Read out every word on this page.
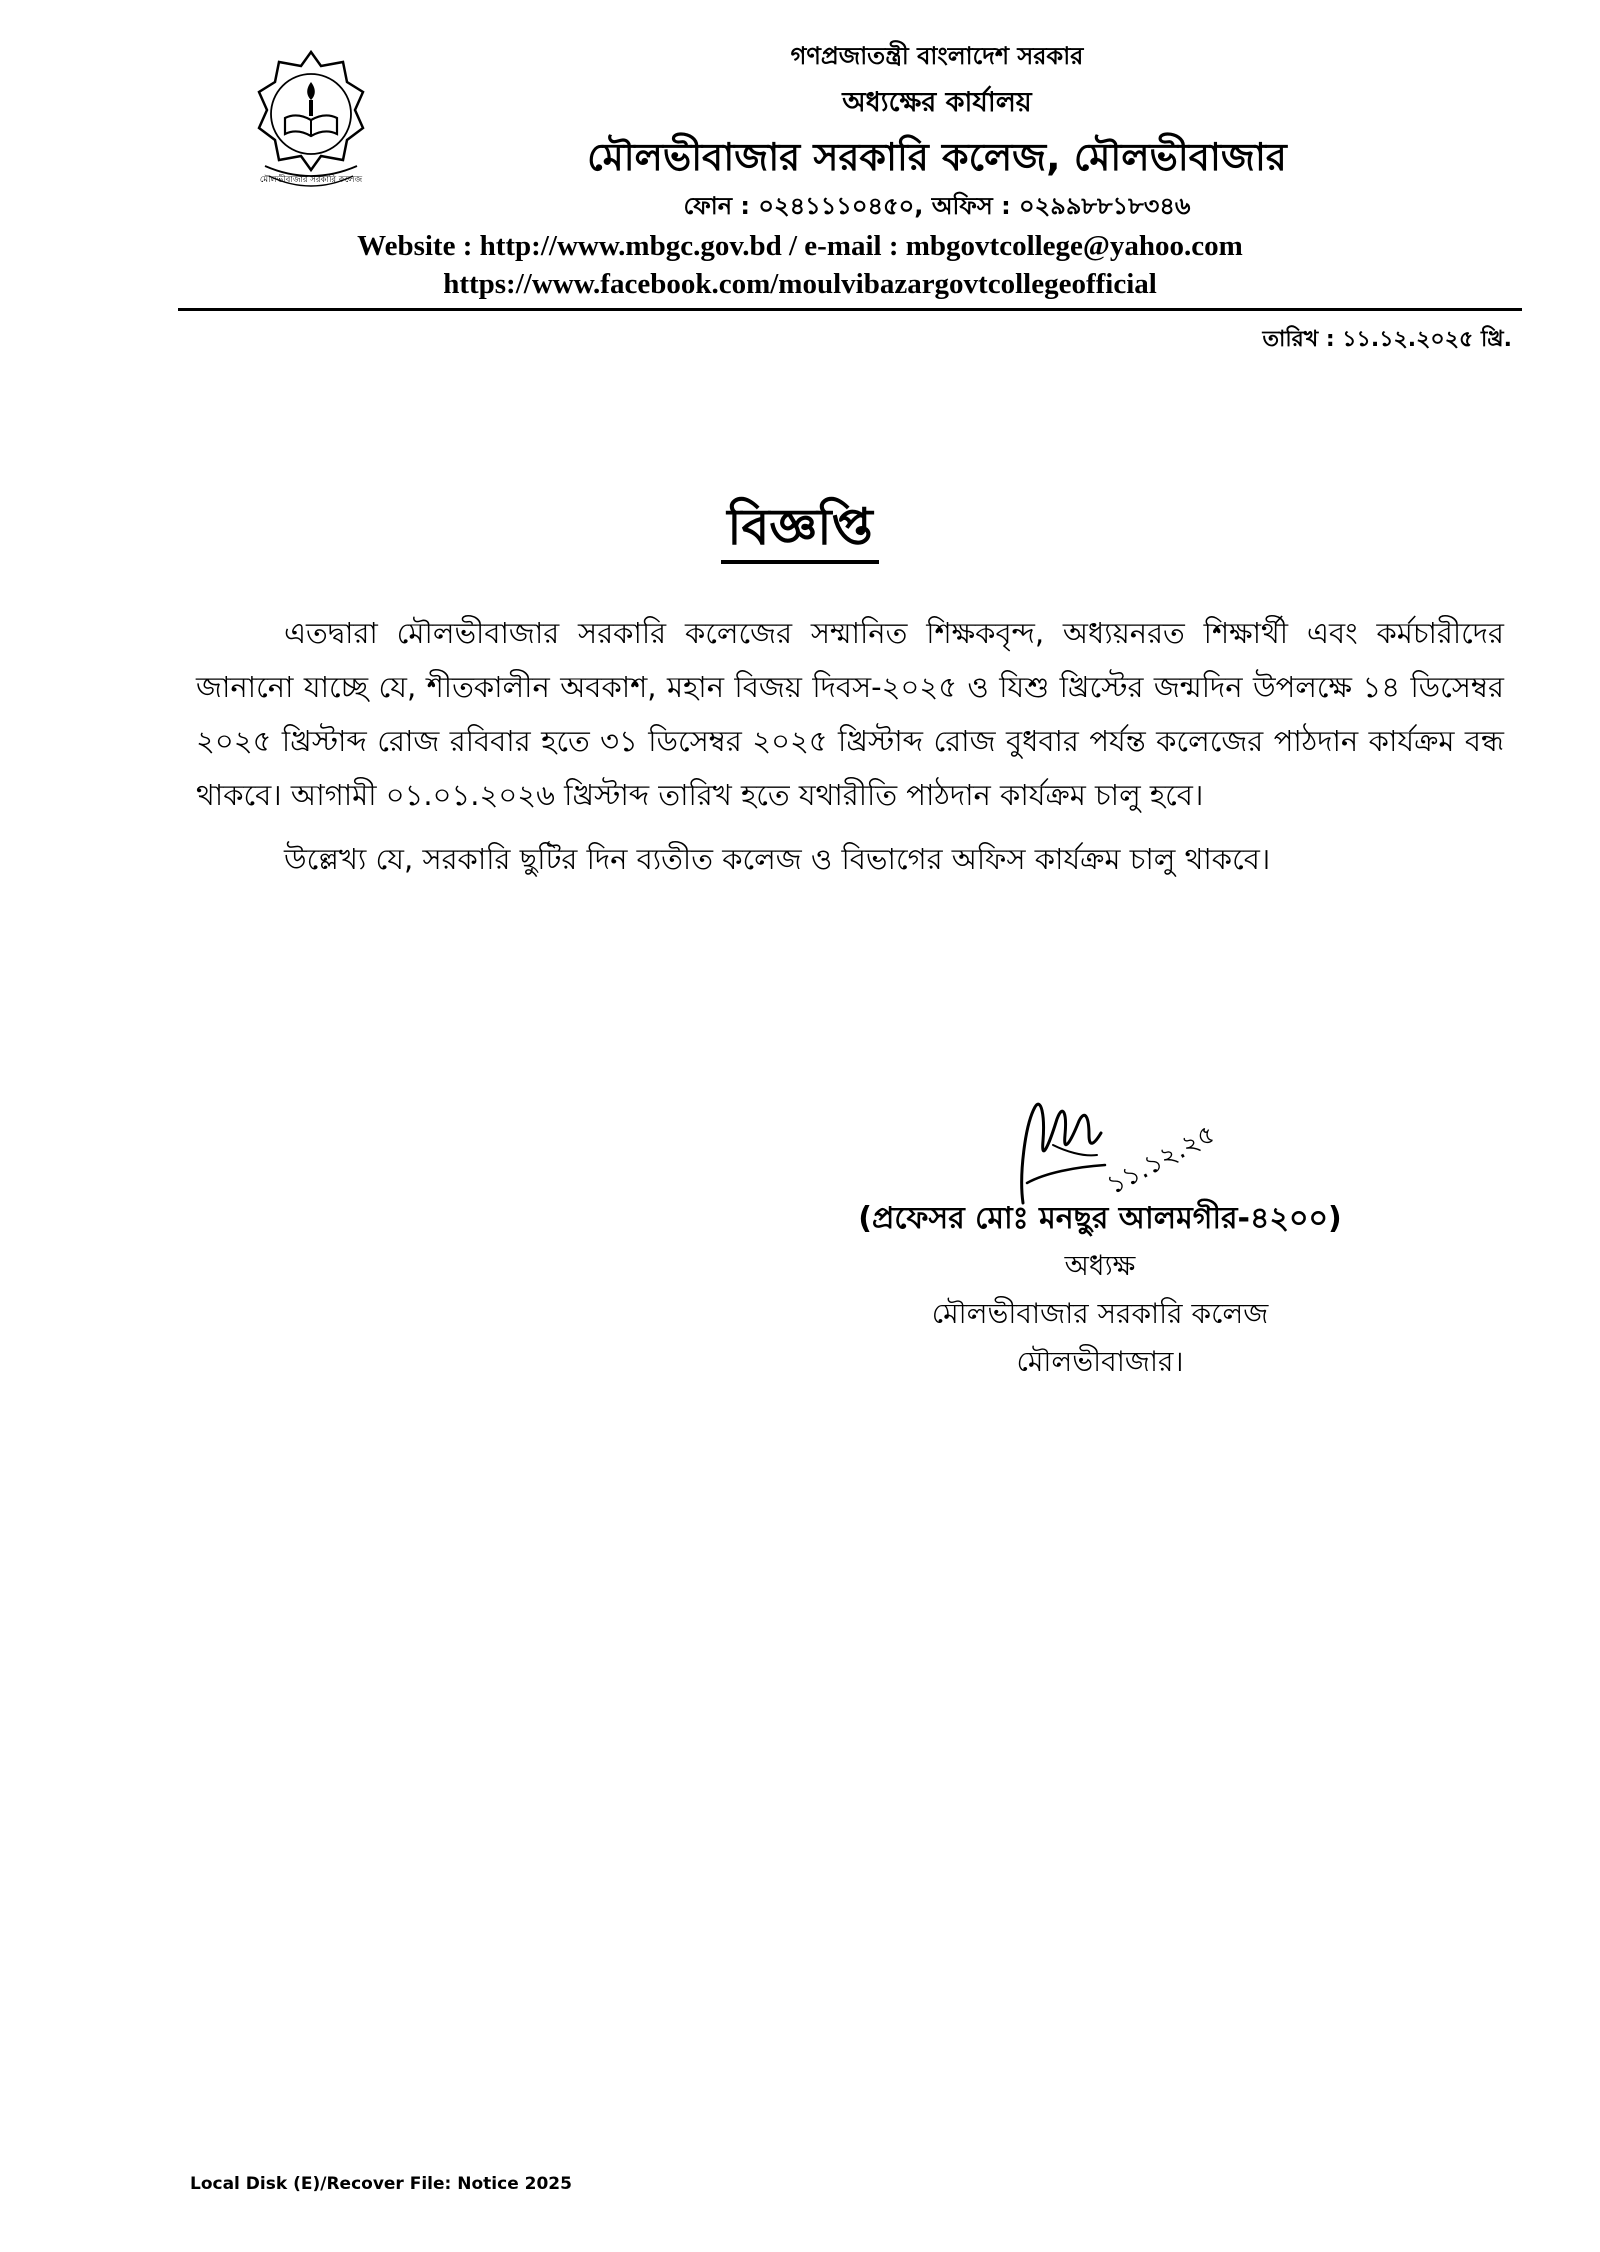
মৌলভীবাজার সরকারি কলেজ
গণপ্রজাতন্ত্রী বাংলাদেশ সরকার
অধ্যক্ষের কার্যালয়
মৌলভীবাজার সরকারি কলেজ, মৌলভীবাজার
ফোন : ০২৪১১১০৪৫০, অফিস : ০২৯৯৮৮১৮৩৪৬
Website : http://www.mbgc.gov.bd / e-mail : mbgovtcollege@yahoo.com
https://www.facebook.com/moulvibazargovtcollegeofficial
তারিখ : ১১.১২.২০২৫ খ্রি.
বিজ্ঞপ্তি

এতদ্বারা মৌলভীবাজার সরকারি কলেজের সম্মানিত শিক্ষকবৃন্দ, অধ্যয়নরত শিক্ষার্থী এবং কর্মচারীদের জানানো যাচ্ছে যে, শীতকালীন অবকাশ, মহান বিজয় দিবস-২০২৫ ও যিশু খ্রিস্টের জন্মদিন উপলক্ষে ১৪ ডিসেম্বর ২০২৫ খ্রিস্টাব্দ রোজ রবিবার হতে ৩১ ডিসেম্বর ২০২৫ খ্রিস্টাব্দ রোজ বুধবার পর্যন্ত কলেজের পাঠদান কার্যক্রম বন্ধ থাকবে। আগামী ০১.০১.২০২৬ খ্রিস্টাব্দ তারিখ হতে যথারীতি পাঠদান কার্যক্রম চালু হবে।

উল্লেখ্য যে, সরকারি ছুটির দিন ব্যতীত কলেজ ও বিভাগের অফিস কার্যক্রম চালু থাকবে।

১১.১২.২৫
(প্রফেসর মোঃ মনছুর আলমগীর-৪২০০)
অধ্যক্ষ
মৌলভীবাজার সরকারি কলেজ
মৌলভীবাজার।
Local Disk (E)/Recover File: Notice 2025
